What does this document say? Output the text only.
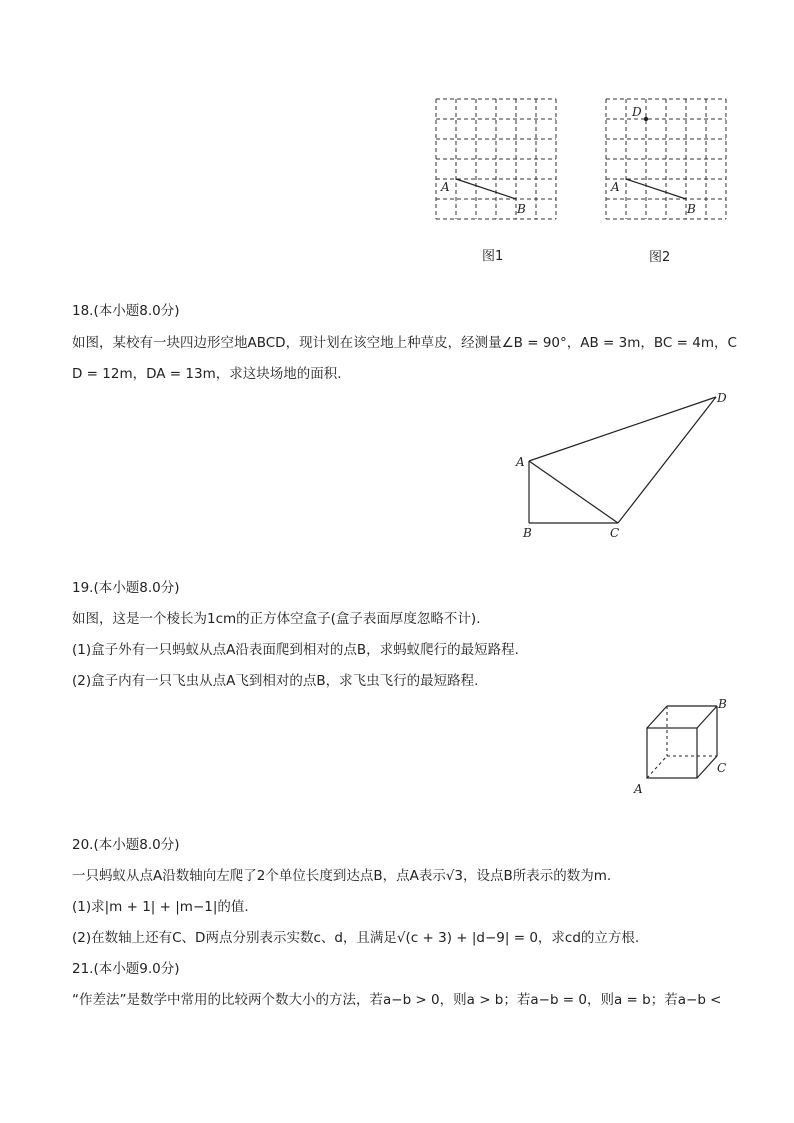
A
B
D
A
B
图1	图2
18.(本小题8.0分)
如图，某校有一块四边形空地ABCD，现计划在该空地上种草皮，经测量∠B = 90°，AB = 3m，BC = 4m，C
D = 12m，DA = 13m，求这块场地的面积.
A
B	C
D
19.(本小题8.0分)
如图，这是一个棱长为1cm的正方体空盒子(盒子表面厚度忽略不计).
(1)盒子外有一只蚂蚁从点A沿表面爬到相对的点B，求蚂蚁爬行的最短路程.
(2)盒子内有一只飞虫从点A飞到相对的点B，求飞虫飞行的最短路程.
A
B
C
20.(本小题8.0分)
一只蚂蚁从点A沿数轴向左爬了2个单位长度到达点B，点A表示√3，设点B所表示的数为m.
(1)求|m + 1| + |m−1|的值.
(2)在数轴上还有C、D两点分别表示实数c、d，且满足√(c + 3) + |d−9| = 0，求cd的立方根.
21.(本小题9.0分)
“作差法”是数学中常用的比较两个数大小的方法，若a−b > 0，则a > b；若a−b = 0，则a = b；若a−b <
